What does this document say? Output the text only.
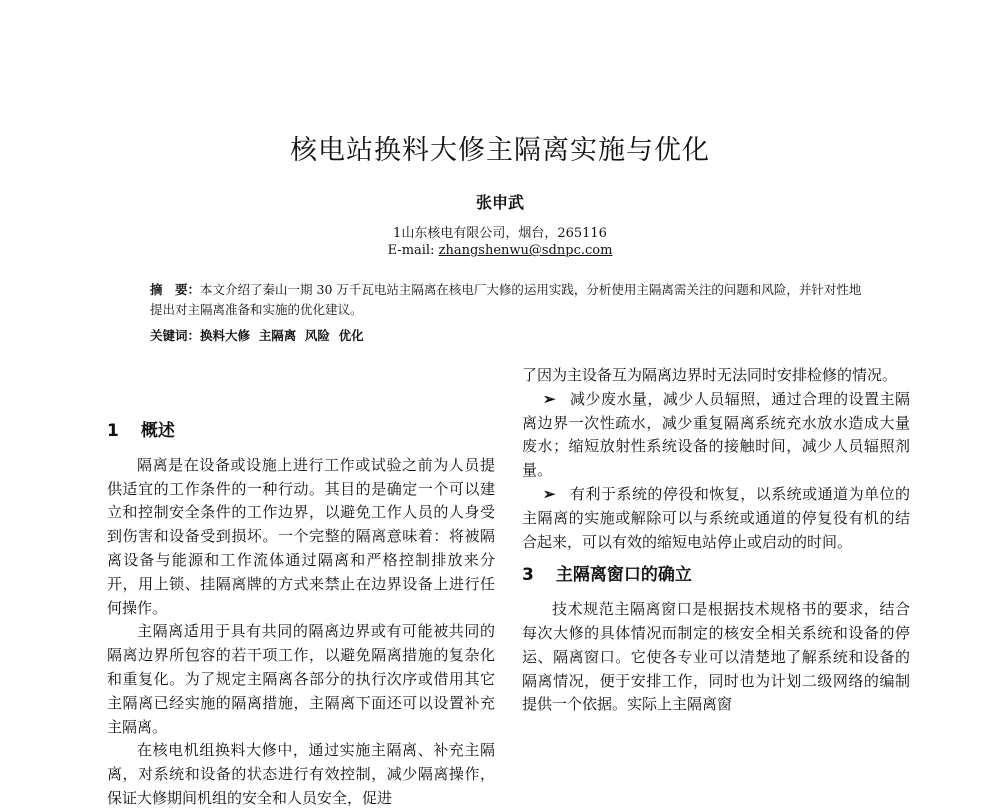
核电站换料大修主隔离实施与优化
张申武
1山东核电有限公司，烟台，265116
E-mail: zhangshenwu@sdnpc.com
摘　要：本文介绍了秦山一期 30 万千瓦电站主隔离在核电厂大修的运用实践，分析使用主隔离需关注的问题和风险，并针对性地提出对主隔离准备和实施的优化建议。
关键词：换料大修  主隔离  风险  优化
1 概述

隔离是在设备或设施上进行工作或试验之前为人员提供适宜的工作条件的一种行动。其目的是确定一个可以建立和控制安全条件的工作边界，以避免工作人员的人身受到伤害和设备受到损坏。一个完整的隔离意味着：将被隔离设备与能源和工作流体通过隔离和严格控制排放来分开，用上锁、挂隔离牌的方式来禁止在边界设备上进行任何操作。

主隔离适用于具有共同的隔离边界或有可能被共同的隔离边界所包容的若干项工作，以避免隔离措施的复杂化和重复化。为了规定主隔离各部分的执行次序或借用其它主隔离已经实施的隔离措施，主隔离下面还可以设置补充主隔离。

在核电机组换料大修中，通过实施主隔离、补充主隔离，对系统和设备的状态进行有效控制，减少隔离操作，保证大修期间机组的安全和人员安全，促进

了因为主设备互为隔离边界时无法同时安排检修的情况。

➢ 减少废水量，减少人员辐照，通过合理的设置主隔离边界一次性疏水，减少重复隔离系统充水放水造成大量废水；缩短放射性系统设备的接触时间，减少人员辐照剂量。

➢ 有利于系统的停役和恢复，以系统或通道为单位的主隔离的实施或解除可以与系统或通道的停复役有机的结合起来，可以有效的缩短电站停止或启动的时间。

3 主隔离窗口的确立

技术规范主隔离窗口是根据技术规格书的要求，结合每次大修的具体情况而制定的核安全相关系统和设备的停运、隔离窗口。它使各专业可以清楚地了解系统和设备的隔离情况，便于安排工作，同时也为计划二级网络的编制提供一个依据。实际上主隔离窗
